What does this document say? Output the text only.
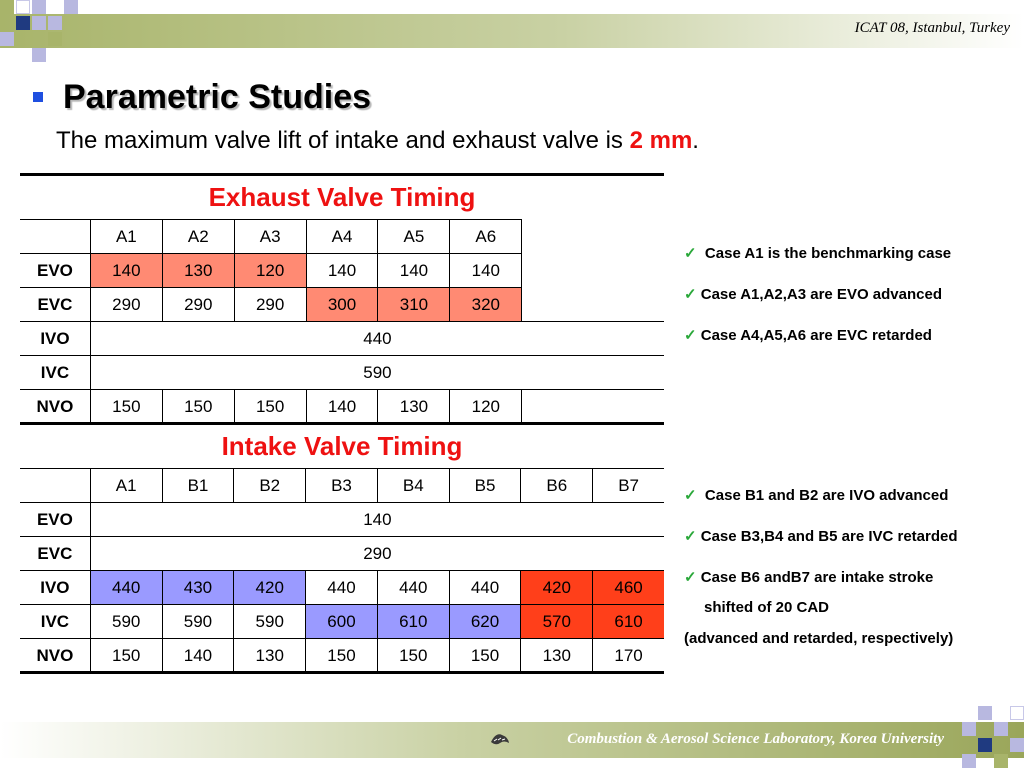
ICAT 08, Istanbul, Turkey
Parametric Studies
The maximum valve lift of intake and exhaust valve is 2 mm.
Exhaust Valve Timing
	A1	A2	A3	A4	A5	A6	
EVO	140	130	120	140	140	140	
EVC	290	290	290	300	310	320	
IVO	440						
IVC	590						
NVO	150	150	150	140	130	120	
Intake Valve Timing
	A1	B1	B2	B3	B4	B5	B6	B7
EVO	140							
EVC	290							
IVO	440	430	420	440	440	440	420	460
IVC	590	590	590	600	610	620	570	610
NVO	150	140	130	150	150	150	130	170
✓ Case A1 is the benchmarking case
✓ Case A1,A2,A3 are EVO advanced
✓ Case A4,A5,A6 are EVC retarded
✓ Case B1 and B2 are IVO advanced
✓ Case B3,B4 and B5 are IVC retarded
✓ Case B6 andB7 are intake stroke
shifted of 20 CAD
(advanced and retarded, respectively)
Combustion & Aerosol Science Laboratory, Korea University
